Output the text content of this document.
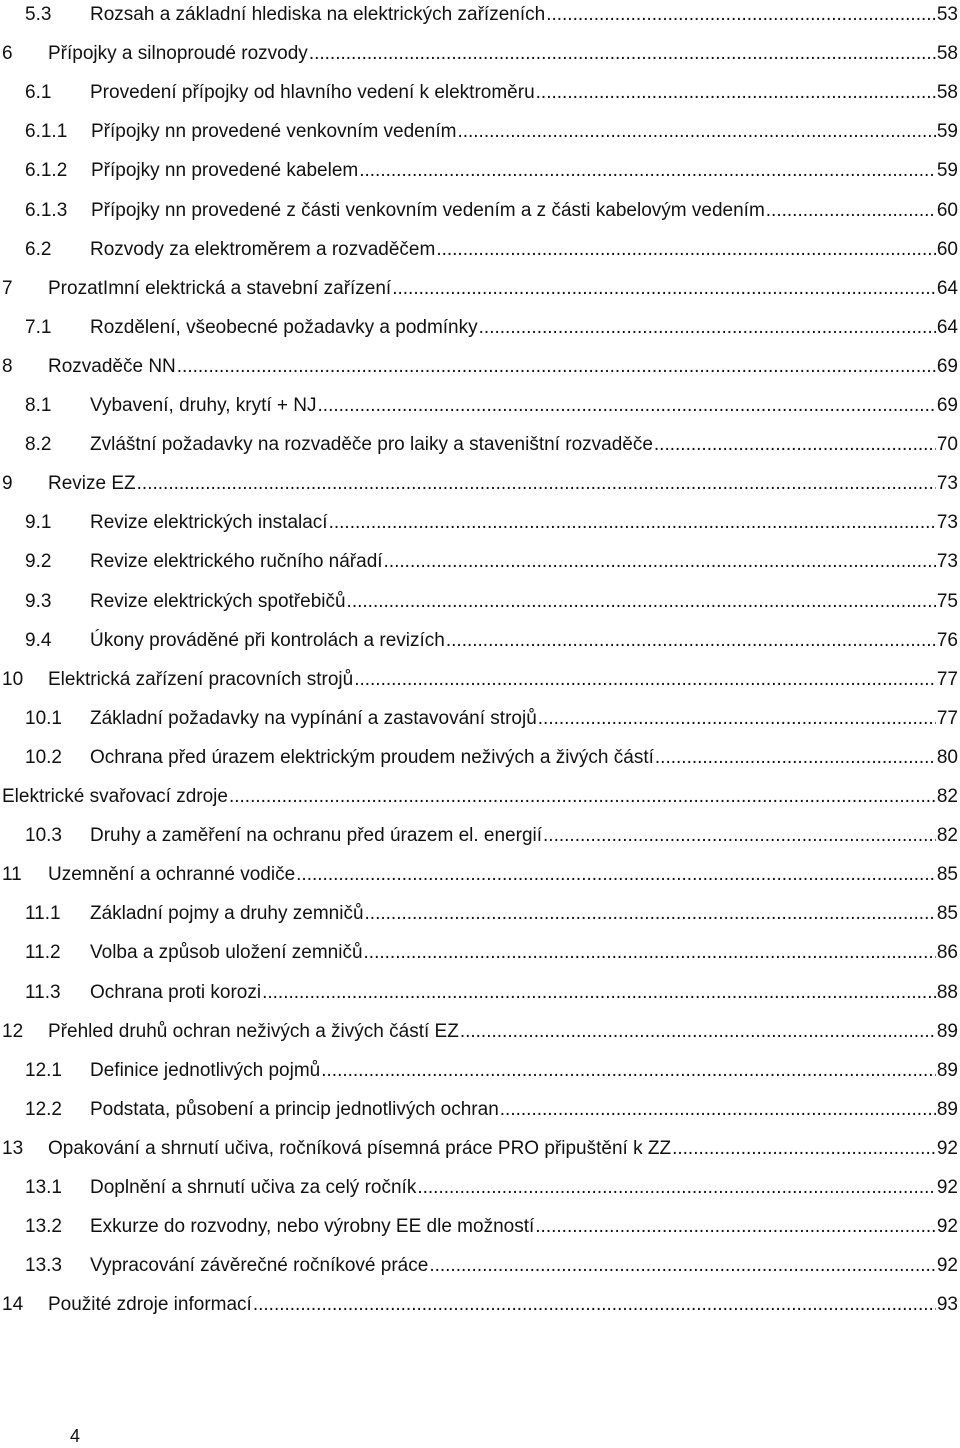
5.3	Rozsah a základní hlediska na elektrických zařízeních .....	53
6	Přípojky a silnoproudé rozvody .....	58
6.1	Provedení přípojky od hlavního vedení k elektroměru .....	58
6.1.1	Přípojky nn provedené venkovním vedením .....	59
6.1.2	Přípojky nn provedené kabelem .....	59
6.1.3	Přípojky nn provedené z části venkovním vedením a z části kabelovým vedením .....	60
6.2	Rozvody za elektroměrem a rozvaděčem .....	60
7	ProzatImní elektrická a stavební zařízení .....	64
7.1	Rozdělení, všeobecné požadavky a podmínky .....	64
8	Rozvaděče NN .....	69
8.1	Vybavení, druhy, krytí + NJ .....	69
8.2	Zvláštní požadavky na rozvaděče pro laiky a staveništní rozvaděče .....	70
9	Revize EZ .....	73
9.1	Revize elektrických instalací .....	73
9.2	Revize elektrického ručního nářadí .....	73
9.3	Revize elektrických spotřebičů .....	75
9.4	Úkony prováděné při kontrolách a revizích .....	76
10	Elektrická zařízení pracovních strojů .....	77
10.1	Základní požadavky na vypínání a zastavování strojů .....	77
10.2	Ochrana před úrazem elektrickým proudem neživých a živých částí .....	80
Elektrické svařovací zdroje .....	82
10.3	Druhy a zaměření na ochranu před úrazem el. energií .....	82
11	Uzemnění a ochranné vodiče .....	85
11.1	Základní pojmy a druhy zemničů .....	85
11.2	Volba a způsob uložení zemničů .....	86
11.3	Ochrana proti korozi .....	88
12	Přehled druhů ochran neživých a živých částí EZ .....	89
12.1	Definice jednotlivých pojmů .....	89
12.2	Podstata, působení a princip jednotlivých ochran .....	89
13	Opakování a shrnutí učiva, ročníková písemná práce PRO připuštění k ZZ .....	92
13.1	Doplnění a shrnutí učiva za celý ročník .....	92
13.2	Exkurze do rozvodny, nebo výrobny EE dle možností .....	92
13.3	Vypracování závěrečné ročníkové práce .....	92
14	Použité zdroje informací .....	93
4
